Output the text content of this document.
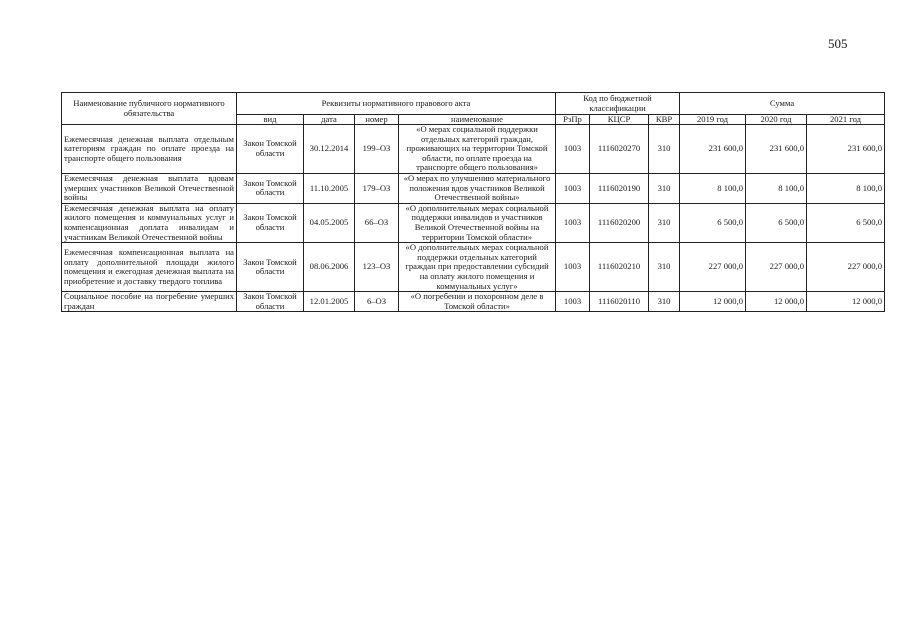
505
Наименование публичного нормативного обязательства	Реквизиты нормативного правового акта				Код по бюджетной классификации			Сумма		
	вид	дата	номер	наименование	РзПр	КЦСР	КВР	2019 год	2020 год	2021 год
Ежемесячная денежная выплата отдельным категориям граждан по оплате проезда на транспорте общего пользования	Закон Томской области	30.12.2014	199–ОЗ	«О мерах социальной поддержки отдельных категорий граждан, проживающих на территории Томской области, по оплате проезда на транспорте общего пользования»	1003	1116020270	310	231 600,0	231 600,0	231 600,0
Ежемесячная денежная выплата вдовам умерших участников Великой Отечественной войны	Закон Томской области	11.10.2005	179–ОЗ	«О мерах по улучшению материального положения вдов участников Великой Отечественной войны»	1003	1116020190	310	8 100,0	8 100,0	8 100,0
Ежемесячная денежная выплата на оплату жилого помещения и коммунальных услуг и компенсационная доплата инвалидам и участникам Великой Отечественной войны	Закон Томской области	04.05.2005	66–ОЗ	«О дополнительных мерах социальной поддержки инвалидов и участников Великой Отечественной войны на территории Томской области»	1003	1116020200	310	6 500,0	6 500,0	6 500,0
Ежемесячная компенсационная выплата на оплату дополнительной площади жилого помещения и ежегодная денежная выплата на приобретение и доставку твердого топлива	Закон Томской области	08.06.2006	123–ОЗ	«О дополнительных мерах социальной поддержки отдельных категорий граждан при предоставлении субсидий на оплату жилого помещения и коммунальных услуг»	1003	1116020210	310	227 000,0	227 000,0	227 000,0
Социальное пособие на погребение умерших граждан	Закон Томской области	12.01.2005	6–ОЗ	«О погребении и похоронном деле в Томской области»	1003	1116020110	310	12 000,0	12 000,0	12 000,0
